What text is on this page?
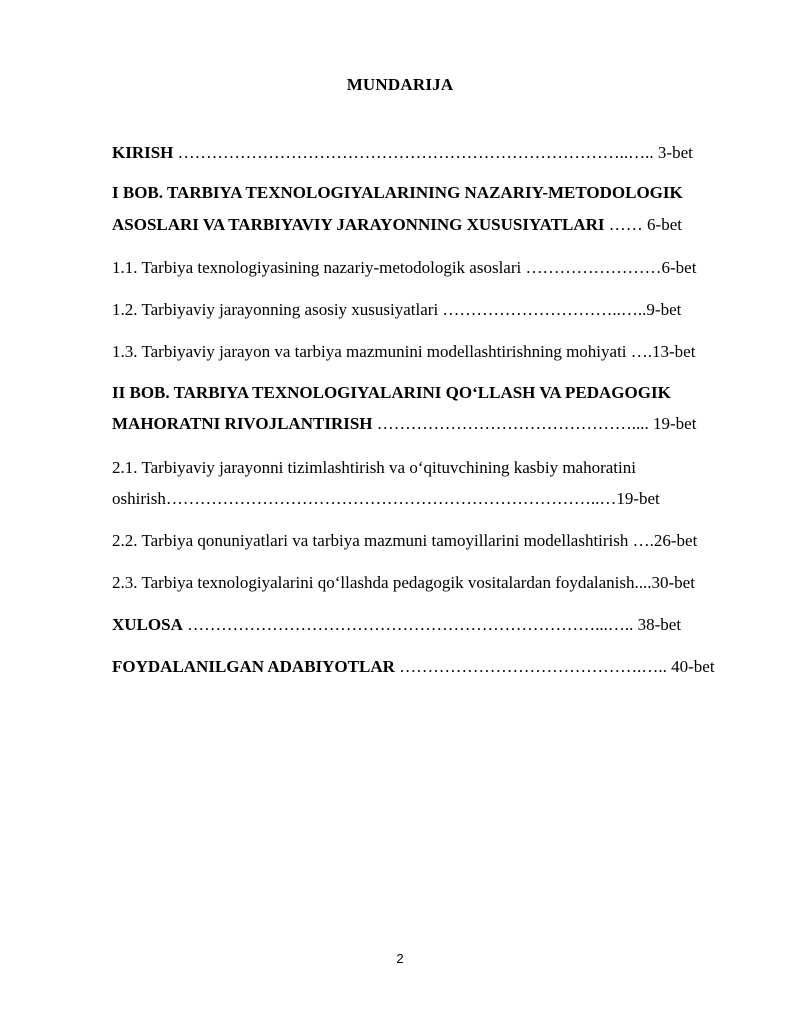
MUNDARIJA
KIRISH ……………………………………………………………………..….. 3-bet
I BOB. TARBIYA TEXNOLOGIYALARINING NAZARIY-METODOLOGIK
ASOSLARI VA TARBIYAVIY JARAYONNING XUSUSIYATLARI …… 6-bet
1.1. Tarbiya texnologiyasining nazariy-metodologik asoslari ……………………6-bet
1.2. Tarbiyaviy jarayonning asosiy xususiyatlari …………………………..…..9-bet
1.3. Tarbiyaviy jarayon va tarbiya mazmunini modellashtirishning mohiyati ….13-bet
II BOB. TARBIYA TEXNOLOGIYALARINI QO‘LLASH VA PEDAGOGIK
MAHORATNI RIVOJLANTIRISH ……………………………………….... 19-bet
2.1. Tarbiyaviy jarayonni tizimlashtirish va o‘qituvchining kasbiy mahoratini
oshirish…………………………………………………………………..…19-bet
2.2. Tarbiya qonuniyatlari va tarbiya mazmuni tamoyillarini modellashtirish ….26-bet
2.3. Tarbiya texnologiyalarini qo‘llashda pedagogik vositalardan foydalanish....30-bet
XULOSA ………………………………………………………………...….. 38-bet
FOYDALANILGAN ADABIYOTLAR …………………………………….….. 40-bet
2
